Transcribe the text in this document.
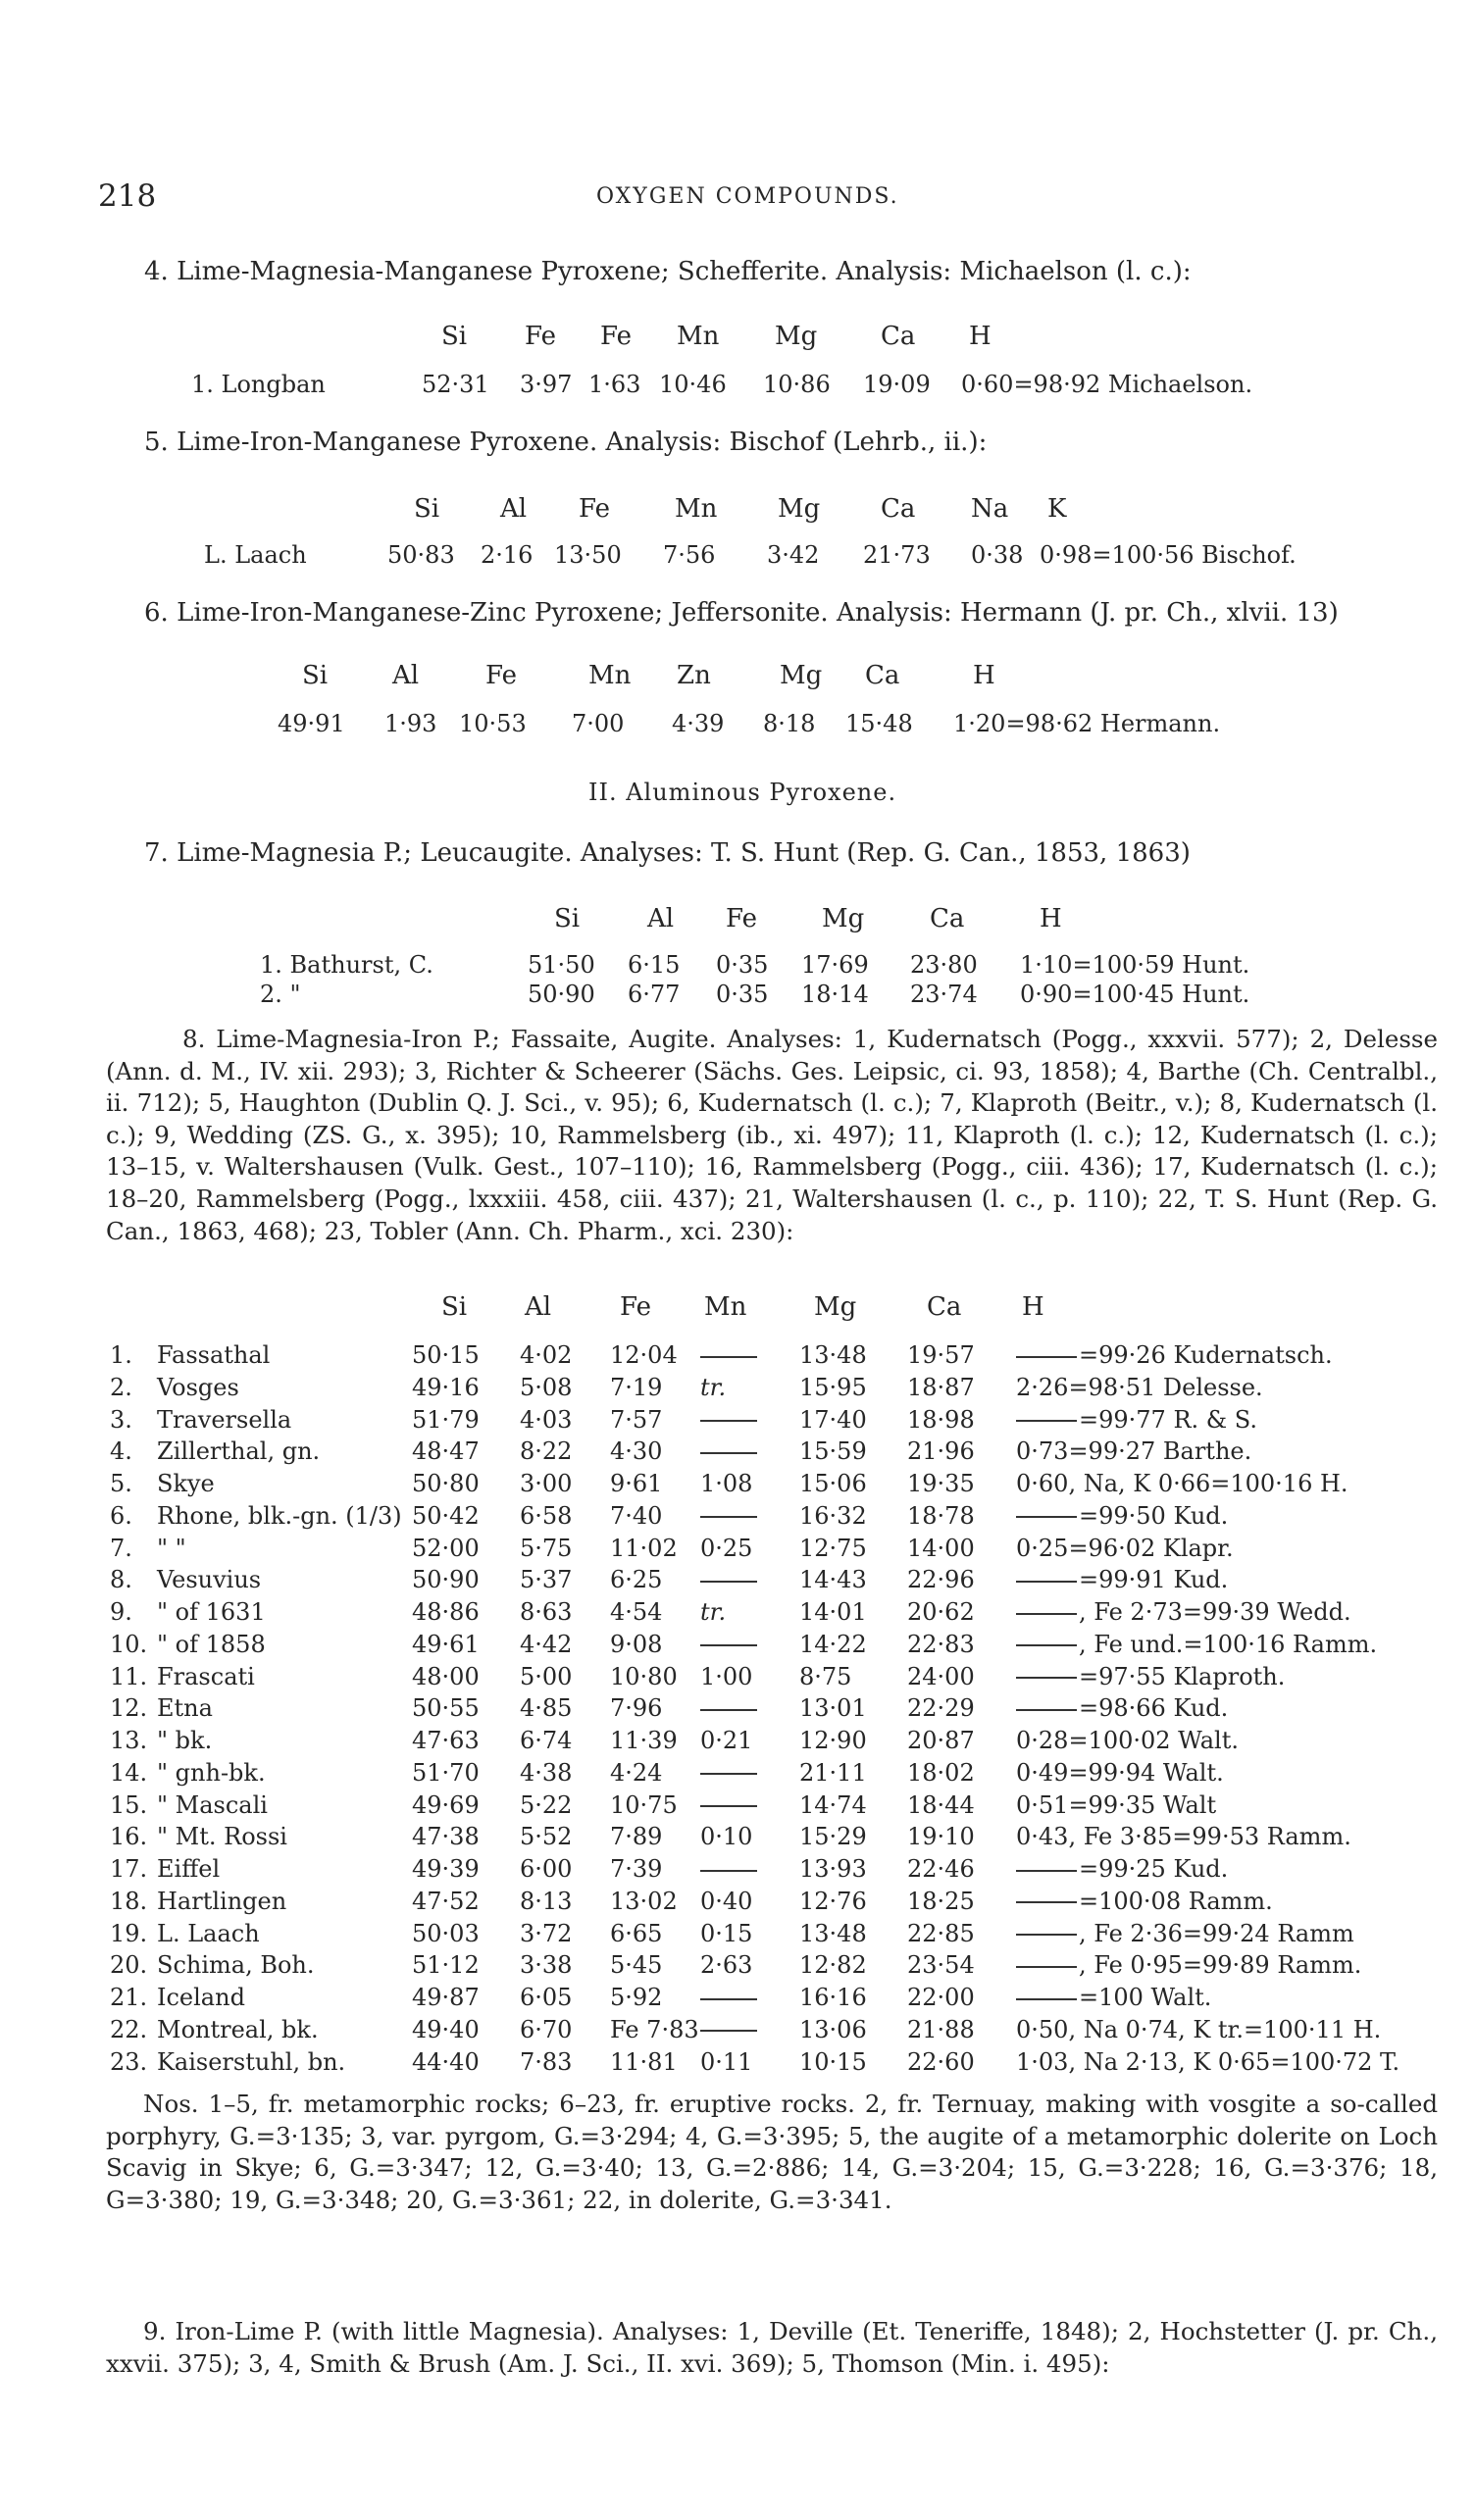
218	OXYGEN COMPOUNDS.
4. Lime-Magnesia-Manganese Pyroxene; Schefferite. Analysis: Michaelson (l. c.):
Si Fe Fe Mn Mg Ca H
1. Longban	52·31 3·97 1·63 10·46 10·86 19·09 0·60=98·92 Michaelson.
5. Lime-Iron-Manganese Pyroxene. Analysis: Bischof (Lehrb., ii.):
Si Al Fe	Mn Mg Ca Na K
L. Laach	50·83 2·16 13·50 7·56 3·42 21·73 0·38 0·98=100·56 Bischof.
6. Lime-Iron-Manganese-Zinc Pyroxene; Jeffersonite. Analysis: Hermann (J. pr. Ch., xlvii. 13)
Si	Al	Fe	Mn Zn	Mg Ca	H
49·91 1·93 10·53 7·00 4·39 8·18 15·48 1·20=98·62 Hermann.
II. Aluminous Pyroxene.
7. Lime-Magnesia P.; Leucaugite. Analyses: T. S. Hunt (Rep. G. Can., 1853, 1863)
Si	Al Fe	Mg	Ca	H
1. Bathurst, C.	51·50 6·15 0·35 17·69 23·80 1·10=100·59 Hunt.
2. "	50·90 6·77 0·35 18·14 23·74 0·90=100·45 Hunt.
8. Lime-Magnesia-Iron P.; Fassaite, Augite. Analyses: 1, Kudernatsch (Pogg., xxxvii. 577); 2, Delesse (Ann. d. M., IV. xii. 293); 3, Richter & Scheerer (Sächs. Ges. Leipsic, ci. 93, 1858); 4, Barthe (Ch. Centralbl., ii. 712); 5, Haughton (Dublin Q. J. Sci., v. 95); 6, Kudernatsch (l. c.); 7, Klaproth (Beitr., v.); 8, Kudernatsch (l. c.); 9, Wedding (ZS. G., x. 395); 10, Rammelsberg (ib., xi. 497); 11, Klaproth (l. c.); 12, Kudernatsch (l. c.); 13–15, v. Waltershausen (Vulk. Gest., 107–110); 16, Rammelsberg (Pogg., ciii. 436); 17, Kudernatsch (l. c.); 18–20, Rammelsberg (Pogg., lxxxiii. 458, ciii. 437); 21, Waltershausen (l. c., p. 110); 22, T. S. Hunt (Rep. G. Can., 1863, 468); 23, Tobler (Ann. Ch. Pharm., xci. 230):
Si Al	Fe Mn	Mg	Ca H
1. Fassathal	50·15 4·02 12·04	13·48 19·57	=99·26 Kudernatsch.
2. Vosges	49·16 5·08 7·19 tr.	15·95 18·87 2·26=98·51 Delesse.
3. Traversella	51·79 4·03 7·57	17·40 18·98	=99·77 R. & S.
4. Zillerthal, gn.	48·47 8·22 4·30	15·59 21·96 0·73=99·27 Barthe.
5. Skye	50·80 3·00 9·61 1·08 15·06 19·35 0·60, Na, K 0·66=100·16 H.
6. Rhone, blk.-gn. (1/3) 50·42 6·58 7·40	16·32 18·78	=99·50 Kud.
7. " "	52·00 5·75 11·02 0·25 12·75 14·00 0·25=96·02 Klapr.
8. Vesuvius	50·90 5·37 6·25	14·43 22·96	=99·91 Kud.
9. " of 1631	48·86 8·63 4·54 tr.	14·01 20·62	, Fe 2·73=99·39 Wedd.
10. " of 1858	49·61 4·42 9·08	14·22 22·83	, Fe und.=100·16 Ramm.
11. Frascati	48·00 5·00 10·80 1·00 8·75 24·00	=97·55 Klaproth.
12. Etna	50·55 4·85 7·96	13·01 22·29	=98·66 Kud.
13. " bk.	47·63 6·74 11·39 0·21 12·90 20·87 0·28=100·02 Walt.
14. " gnh-bk.	51·70 4·38 4·24	21·11 18·02 0·49=99·94 Walt.
15. " Mascali	49·69 5·22 10·75	14·74 18·44 0·51=99·35 Walt
16. " Mt. Rossi	47·38 5·52 7·89 0·10 15·29 19·10 0·43, Fe 3·85=99·53 Ramm.
17. Eiffel	49·39 6·00 7·39	13·93 22·46	=99·25 Kud.
18. Hartlingen	47·52 8·13 13·02 0·40 12·76 18·25	=100·08 Ramm.
19. L. Laach	50·03 3·72 6·65 0·15 13·48 22·85	, Fe 2·36=99·24 Ramm
20. Schima, Boh.	51·12 3·38 5·45 2·63 12·82 23·54	, Fe 0·95=99·89 Ramm.
21. Iceland	49·87 6·05 5·92	16·16 22·00	=100 Walt.
22. Montreal, bk.	49·40 6·70 Fe 7·83	13·06 21·88 0·50, Na 0·74, K tr.=100·11 H.
23. Kaiserstuhl, bn.	44·40 7·83 11·81 0·11 10·15 22·60 1·03, Na 2·13, K 0·65=100·72 T.
Nos. 1–5, fr. metamorphic rocks; 6–23, fr. eruptive rocks. 2, fr. Ternuay, making with vosgite a so-called porphyry, G.=3·135; 3, var. pyrgom, G.=3·294; 4, G.=3·395; 5, the augite of a metamorphic dolerite on Loch Scavig in Skye; 6, G.=3·347; 12, G.=3·40; 13, G.=2·886; 14, G.=3·204; 15, G.=3·228; 16, G.=3·376; 18, G=3·380; 19, G.=3·348; 20, G.=3·361; 22, in dolerite, G.=3·341.
9. Iron-Lime P. (with little Magnesia). Analyses: 1, Deville (Et. Teneriffe, 1848); 2, Hochstetter (J. pr. Ch., xxvii. 375); 3, 4, Smith & Brush (Am. J. Sci., II. xvi. 369); 5, Thomson (Min. i. 495):
